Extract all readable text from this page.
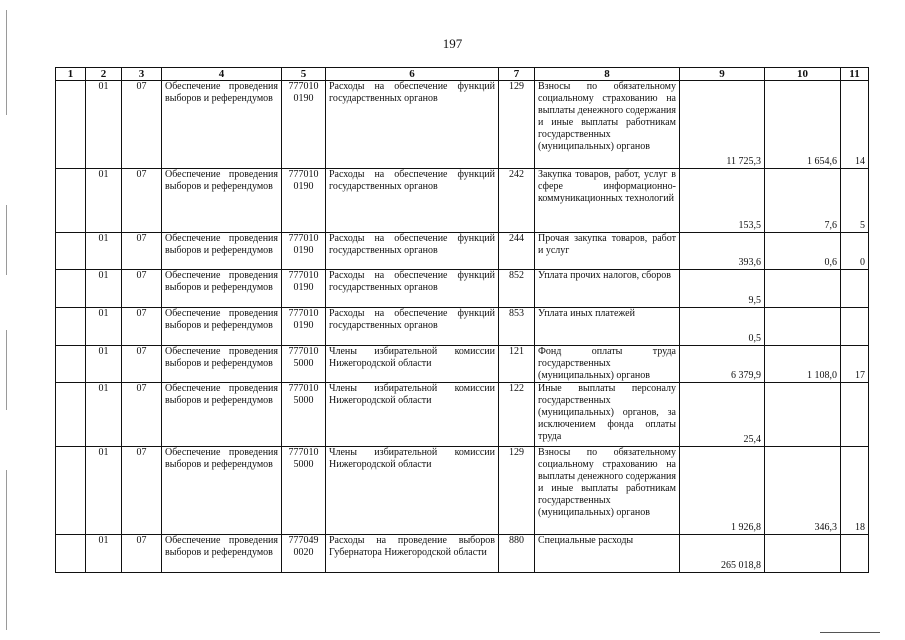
197
1	2	3	4	5	6	7	8	9	10	11
	01	07	Обеспечение проведения выборов и референдумов	777010 0190	Расходы на обеспечение функций государственных органов	129	Взносы по обязательному социальному страхованию на выплаты денежного содержания и иные выплаты работникам государственных (муниципальных) органов	11 725,3	1 654,6	14
	01	07	Обеспечение проведения выборов и референдумов	777010 0190	Расходы на обеспечение функций государственных органов	242	Закупка товаров, работ, услуг в сфере информационно-коммуникационных технологий	153,5	7,6	5
	01	07	Обеспечение проведения выборов и референдумов	777010 0190	Расходы на обеспечение функций государственных органов	244	Прочая закупка товаров, работ и услуг	393,6	0,6	0
	01	07	Обеспечение проведения выборов и референдумов	777010 0190	Расходы на обеспечение функций государственных органов	852	Уплата прочих налогов, сборов	9,5		
	01	07	Обеспечение проведения выборов и референдумов	777010 0190	Расходы на обеспечение функций государственных органов	853	Уплата иных платежей	0,5		
	01	07	Обеспечение проведения выборов и референдумов	777010 5000	Члены избирательной комиссии Нижегородской области	121	Фонд оплаты труда государственных (муниципальных) органов	6 379,9	1 108,0	17
	01	07	Обеспечение проведения выборов и референдумов	777010 5000	Члены избирательной комиссии Нижегородской области	122	Иные выплаты персоналу государственных (муниципальных) органов, за исключением фонда оплаты труда	25,4		
	01	07	Обеспечение проведения выборов и референдумов	777010 5000	Члены избирательной комиссии Нижегородской области	129	Взносы по обязательному социальному страхованию на выплаты денежного содержания и иные выплаты работникам государственных (муниципальных) органов	1 926,8	346,3	18
	01	07	Обеспечение проведения выборов и референдумов	777049 0020	Расходы на проведение выборов Губернатора Нижегородской области	880	Специальные расходы	265 018,8		
